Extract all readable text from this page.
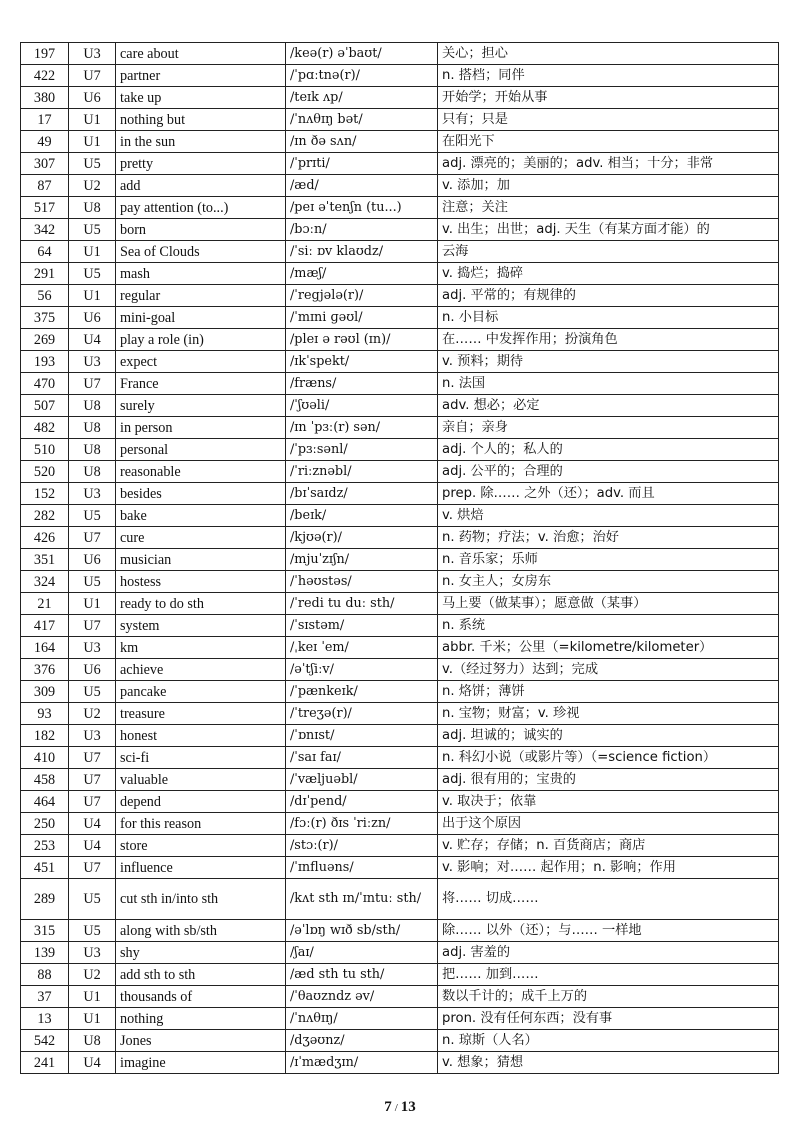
197	U3	care about	/keə(r) əˈbaʊt/	关心；担心
422	U7	partner	/ˈpɑːtnə(r)/	n. 搭档；同伴
380	U6	take up	/teɪk ʌp/	开始学；开始从事
17	U1	nothing but	/ˈnʌθɪŋ bət/	只有；只是
49	U1	in the sun	/ɪn ðə sʌn/	在阳光下
307	U5	pretty	/ˈprɪti/	adj. 漂亮的；美丽的；adv. 相当；十分；非常
87	U2	add	/æd/	v. 添加；加
517	U8	pay attention (to...)	/peɪ əˈtenʃn (tu...)	注意；关注
342	U5	born	/bɔːn/	v. 出生；出世；adj. 天生（有某方面才能）的
64	U1	Sea of Clouds	/ˈsiː ɒv klaʊdz/	云海
291	U5	mash	/mæʃ/	v. 捣烂；捣碎
56	U1	regular	/ˈregjələ(r)/	adj. 平常的；有规律的
375	U6	mini-goal	/ˈmɪni ɡəʊl/	n. 小目标
269	U4	play a role (in)	/pleɪ ə rəʊl (ɪn)/	在…… 中发挥作用；扮演角色
193	U3	expect	/ɪkˈspekt/	v. 预料；期待
470	U7	France	/fræns/	n. 法国
507	U8	surely	/ˈʃʊəli/	adv. 想必；必定
482	U8	in person	/ɪn ˈpɜː(r) sən/	亲自；亲身
510	U8	personal	/ˈpɜːsənl/	adj. 个人的；私人的
520	U8	reasonable	/ˈriːznəbl/	adj. 公平的；合理的
152	U3	besides	/bɪˈsaɪdz/	prep. 除…… 之外（还）；adv. 而且
282	U5	bake	/beɪk/	v. 烘焙
426	U7	cure	/kjʊə(r)/	n. 药物；疗法；v. 治愈；治好
351	U6	musician	/mjuˈzɪʃn/	n. 音乐家；乐师
324	U5	hostess	/ˈhəʊstəs/	n. 女主人；女房东
21	U1	ready to do sth	/ˈredi tu duː sth/	马上要（做某事）；愿意做（某事）
417	U7	system	/ˈsɪstəm/	n. 系统
164	U3	km	/ˌkeɪ ˈem/	abbr. 千米；公里（=kilometre/kilometer）
376	U6	achieve	/əˈtʃiːv/	v.（经过努力）达到；完成
309	U5	pancake	/ˈpænkeɪk/	n. 烙饼；薄饼
93	U2	treasure	/ˈtreʒə(r)/	n. 宝物；财富；v. 珍视
182	U3	honest	/ˈɒnɪst/	adj. 坦诚的；诚实的
410	U7	sci-fi	/ˈsaɪ faɪ/	n. 科幻小说（或影片等）（=science fiction）
458	U7	valuable	/ˈvæljuəbl/	adj. 很有用的；宝贵的
464	U7	depend	/dɪˈpend/	v. 取决于；依靠
250	U4	for this reason	/fɔː(r) ðɪs ˈriːzn/	出于这个原因
253	U4	store	/stɔː(r)/	v. 贮存；存储；n. 百货商店；商店
451	U7	influence	/ˈɪnfluəns/	v. 影响；对…… 起作用；n. 影响；作用
289	U5	cut sth in/into sth	/kʌt sth ɪn/ˈɪntuː sth/	将…… 切成……
315	U5	along with sb/sth	/əˈlɒŋ wɪð sb/sth/	除…… 以外（还）；与…… 一样地
139	U3	shy	/ʃaɪ/	adj. 害羞的
88	U2	add sth to sth	/æd sth tu sth/	把…… 加到……
37	U1	thousands of	/ˈθaʊzndz əv/	数以千计的；成千上万的
13	U1	nothing	/ˈnʌθɪŋ/	pron. 没有任何东西；没有事
542	U8	Jones	/dʒəʊnz/	n. 琼斯（人名）
241	U4	imagine	/ɪˈmædʒɪn/	v. 想象；猜想
7 / 13
